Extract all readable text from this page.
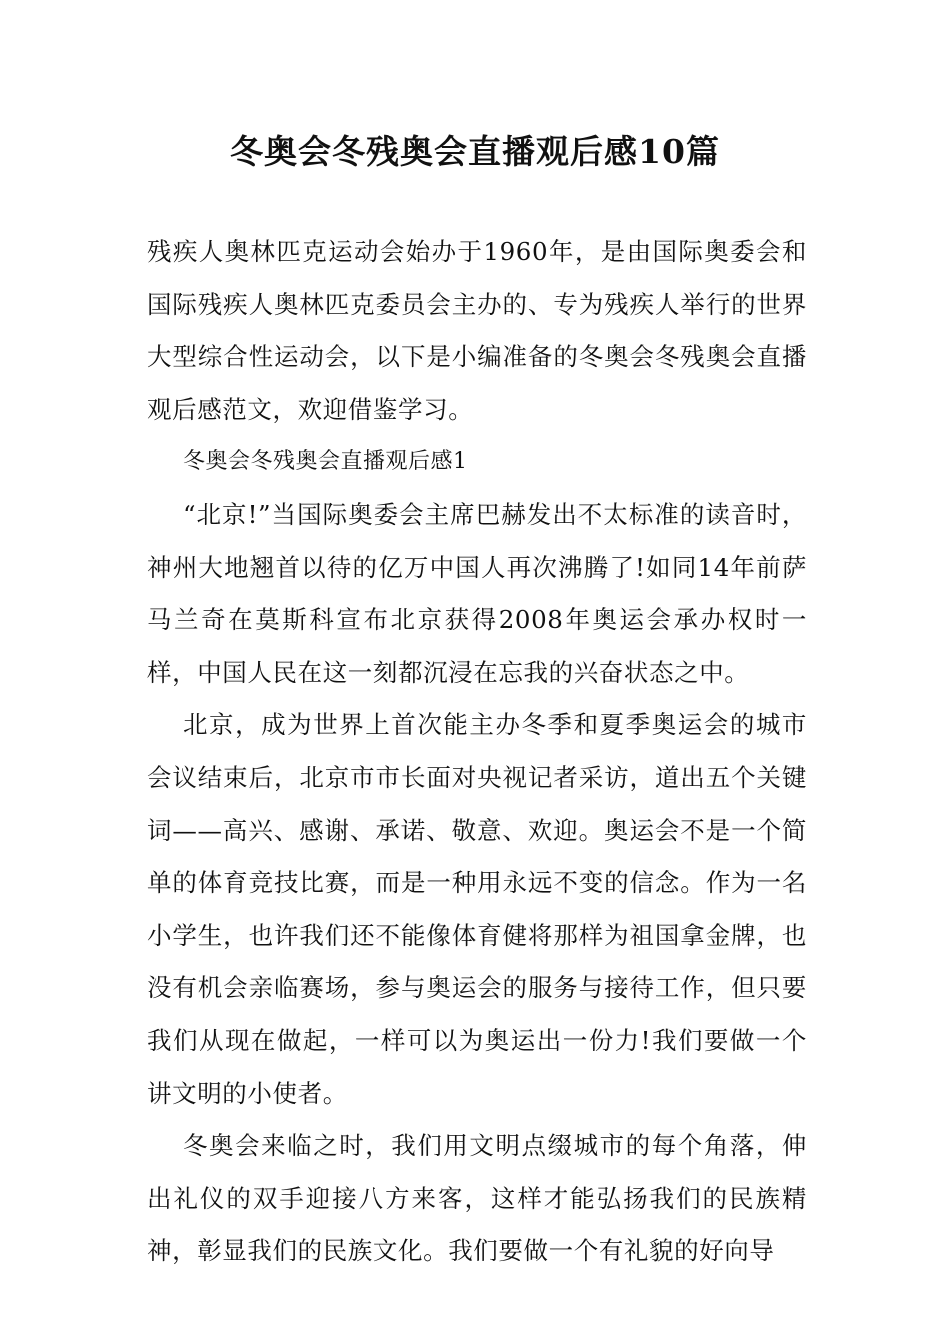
冬奥会冬残奥会直播观后感10篇

残疾人奥林匹克运动会始办于1960年，是由国际奥委会和国际残疾人奥林匹克委员会主办的、专为残疾人举行的世界大型综合性运动会，以下是小编准备的冬奥会冬残奥会直播观后感范文，欢迎借鉴学习。

冬奥会冬残奥会直播观后感1

“北京!”当国际奥委会主席巴赫发出不太标准的读音时，神州大地翘首以待的亿万中国人再次沸腾了!如同14年前萨马兰奇在莫斯科宣布北京获得2008年奥运会承办权时一样，中国人民在这一刻都沉浸在忘我的兴奋状态之中。

北京，成为世界上首次能主办冬季和夏季奥运会的城市会议结束后，北京市市长面对央视记者采访，道出五个关键词——高兴、感谢、承诺、敬意、欢迎。奥运会不是一个简单的体育竞技比赛，而是一种用永远不变的信念。作为一名小学生，也许我们还不能像体育健将那样为祖国拿金牌，也没有机会亲临赛场，参与奥运会的服务与接待工作，但只要我们从现在做起，一样可以为奥运出一份力!我们要做一个讲文明的小使者。

冬奥会来临之时，我们用文明点缀城市的每个角落，伸出礼仪的双手迎接八方来客，这样才能弘扬我们的民族精神，彰显我们的民族文化。我们要做一个有礼貌的好向导
